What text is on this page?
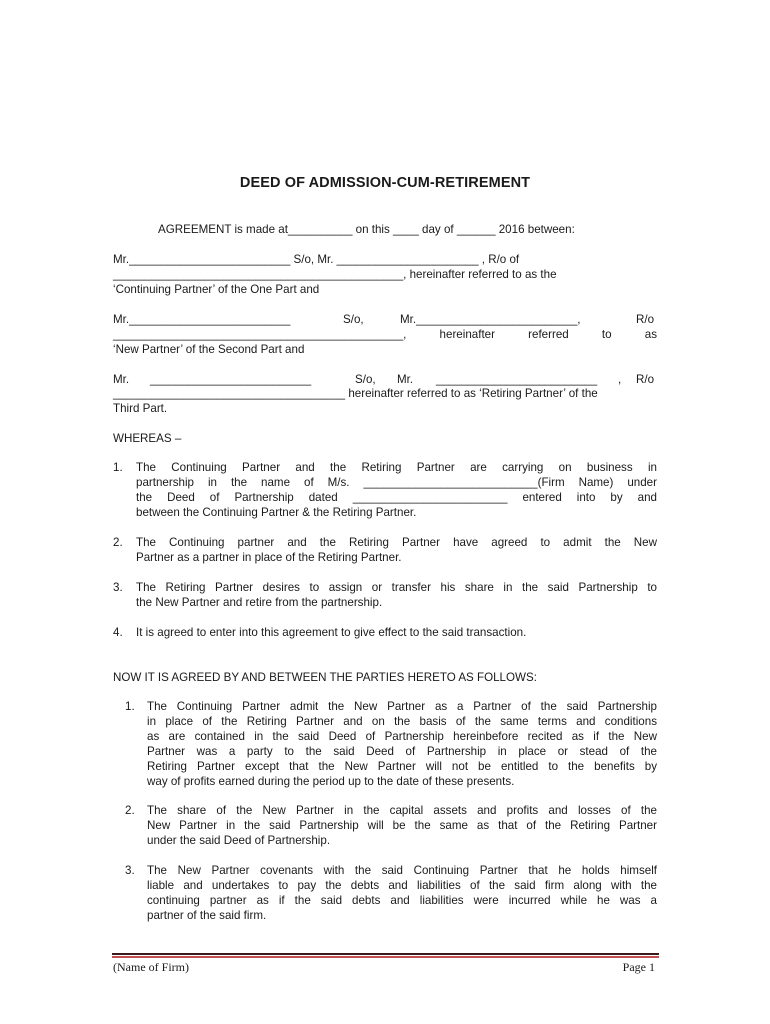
DEED OF ADMISSION-CUM-RETIREMENT
AGREEMENT is made at__________ on this ____ day of ______ 2016 between:
Mr._________________________ S/o, Mr. ______________________ , R/o of
_____________________________________________, hereinafter referred to as the
‘Continuing Partner’ of the One Part and
Mr._________________________	S/o,	Mr._________________________,	R/o
_____________________________________________, hereinafter referred to as
‘New Partner’ of the Second Part and
Mr. _________________________	S/o, Mr. _________________________ , R/o
____________________________________ hereinafter referred to as ‘Retiring Partner’ of the
Third Part.
WHEREAS –
1. The Continuing Partner and the Retiring Partner are carrying on business in
partnership in the name of M/s. ___________________________(Firm Name) under
the Deed of Partnership dated ________________________ entered into by and
between the Continuing Partner & the Retiring Partner.
2. The Continuing partner and the Retiring Partner have agreed to admit the New
Partner as a partner in place of the Retiring Partner.
3. The Retiring Partner desires to assign or transfer his share in the said Partnership to
the New Partner and retire from the partnership.
4. It is agreed to enter into this agreement to give effect to the said transaction.
NOW IT IS AGREED BY AND BETWEEN THE PARTIES HERETO AS FOLLOWS:
1. The Continuing Partner admit the New Partner as a Partner of the said Partnership
in place of the Retiring Partner and on the basis of the same terms and conditions
as are contained in the said Deed of Partnership hereinbefore recited as if the New
Partner was a party to the said Deed of Partnership in place or stead of the
Retiring Partner except that the New Partner will not be entitled to the benefits by
way of profits earned during the period up to the date of these presents.
2. The share of the New Partner in the capital assets and profits and losses of the
New Partner in the said Partnership will be the same as that of the Retiring Partner
under the said Deed of Partnership.
3. The New Partner covenants with the said Continuing Partner that he holds himself
liable and undertakes to pay the debts and liabilities of the said firm along with the
continuing partner as if the said debts and liabilities were incurred while he was a
partner of the said firm.
(Name of Firm)	Page 1
